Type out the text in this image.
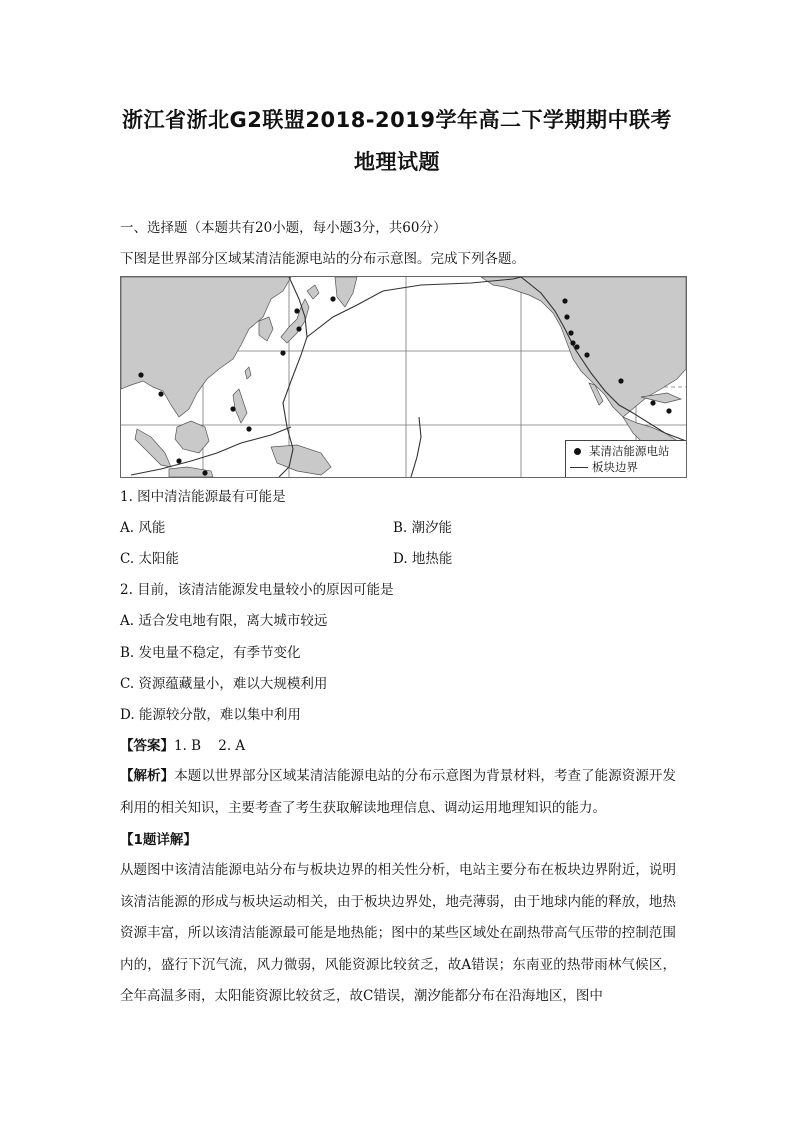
浙江省浙北G2联盟2018-2019学年高二下学期期中联考
地理试题
一、选择题（本题共有20小题，每小题3分，共60分）
下图是世界部分区域某清洁能源电站的分布示意图。完成下列各题。
某清洁能源电站
板块边界
1. 图中清洁能源最有可能是
A. 风能	B. 潮汐能
C. 太阳能	D. 地热能
2. 目前，该清洁能源发电量较小的原因可能是
A. 适合发电地有限，离大城市较远
B. 发电量不稳定，有季节变化
C. 资源蕴藏量小，难以大规模利用
D. 能源较分散，难以集中利用
【答案】1. B    2. A
【解析】本题以世界部分区域某清洁能源电站的分布示意图为背景材料，考查了能源资源开发利用的相关知识，主要考查了考生获取解读地理信息、调动运用地理知识的能力。
【1题详解】
从题图中该清洁能源电站分布与板块边界的相关性分析，电站主要分布在板块边界附近，说明该清洁能源的形成与板块运动相关，由于板块边界处，地壳薄弱，由于地球内能的释放，地热资源丰富，所以该清洁能源最可能是地热能；图中的某些区域处在副热带高气压带的控制范围内的，盛行下沉气流，风力微弱，风能资源比较贫乏，故A错误；东南亚的热带雨林气候区，全年高温多雨，太阳能资源比较贫乏，故C错误，潮汐能都分布在沿海地区，图中
